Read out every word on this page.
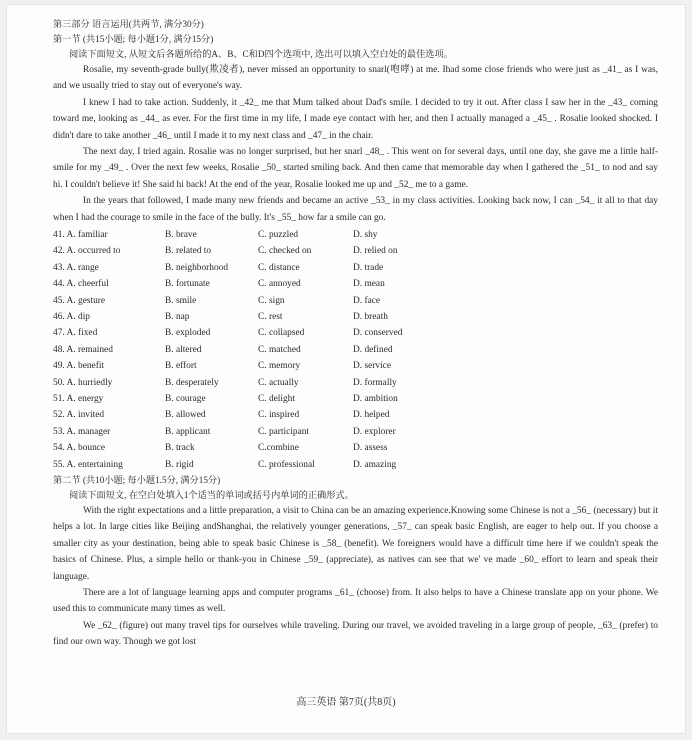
第三部分 语言运用(共两节, 满分30分)
第一节 (共15小题; 每小题1分, 满分15分)
阅读下面短文, 从短文后各题所给的A、B、C和D四个选项中, 选出可以填入空白处的最佳选项。

Rosalie, my seventh-grade bully(欺凌者), never missed an opportunity to snarl(咆哮) at me. Ihad some close friends who were just as _41_ as I was, and we usually tried to stay out of everyone's way.

I knew I had to take action. Suddenly, it _42_ me that Mum talked about Dad's smile. I decided to try it out. After class I saw her in the _43_ coming toward me, looking as _44_ as ever. For the first time in my life, I made eye contact with her, and then I actually managed a _45_ . Rosalie looked shocked. I didn't dare to take another _46_ until I made it to my next class and _47_ in the chair.

The next day, I tried again. Rosalie was no longer surprised, but her snarl _48_ . This went on for several days, until one day, she gave me a little half-smile for my _49_ . Over the next few weeks, Rosalie _50_ started smiling back. And then came that memorable day when I gathered the _51_ to nod and say hi. I couldn't believe it! She said hi back! At the end of the year, Rosalie looked me up and _52_ me to a game.

In the years that followed, I made many new friends and became an active _53_ in my class activities. Looking back now, I can _54_ it all to that day when I had the courage to smile in the face of the bully. It's _55_ how far a smile can go.

41. A. familiar	B. brave	C. puzzled	D. shy
42. A. occurred to	B. related to	C. checked on	D. relied on
43. A. range	B. neighborhood	C. distance	D. trade
44. A. cheerful	B. fortunate	C. annoyed	D. mean
45. A. gesture	B. smile	C. sign	D. face
46. A. dip	B. nap	C. rest	D. breath
47. A. fixed	B. exploded	C. collapsed	D. conserved
48. A. remained	B. altered	C. matched	D. defined
49. A. benefit	B. effort	C. memory	D. service
50. A. hurriedly	B. desperately	C. actually	D. formally
51. A. energy	B. courage	C. delight	D. ambition
52. A. invited	B. allowed	C. inspired	D. helped
53. A. manager	B. applicant	C. participant	D. explorer
54. A. bounce	B. track	C.combine	D. assess
55. A. entertaining	B. rigid	C. professional	D. amazing
第二节 (共10小题; 每小题1.5分, 满分15分)
阅读下面短文, 在空白处填入1个适当的单词或括号内单词的正确形式。

With the right expectations and a little preparation, a visit to China can be an amazing experience.Knowing some Chinese is not a _56_ (necessary) but it helps a lot. In large cities like Beijing andShanghai, the relatively younger generations, _57_ can speak basic English, are eager to help out. If you choose a smaller city as your destination, being able to speak basic Chinese is _58_ (benefit). We foreigners would have a difficult time here if we couldn't speak the basics of Chinese. Plus, a simple hello or thank-you in Chinese _59_ (appreciate), as natives can see that we' ve made _60_ effort to learn and speak their language.

There are a lot of language learning apps and computer programs _61_ (choose) from. It also helps to have a Chinese translate app on your phone. We used this to communicate many times as well.

We _62_ (figure) out many travel tips for ourselves while traveling. During our travel, we avoided traveling in a large group of people, _63_ (prefer) to find our own way. Though we got lost

高三英语 第7页(共8页)
